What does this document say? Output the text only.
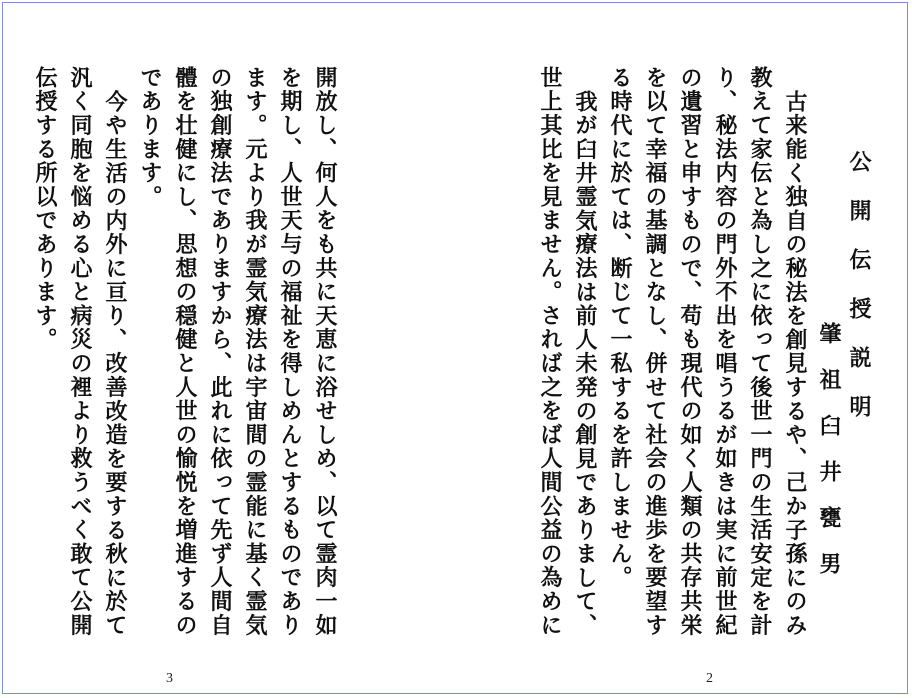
公開伝授説明
肇祖臼井甕男
古来能く独自の秘法を創見するや、己か子孫にのみ
教えて家伝と為し之に依って後世一門の生活安定を計
り、秘法内容の門外不出を唱うるが如きは実に前世紀
の遺習と申すもので、苟も現代の如く人類の共存共栄
を以て幸福の基調となし、併せて社会の進歩を要望す
る時代に於ては、断じて一私するを許しません。
我が臼井霊気療法は前人未発の創見でありまして、
世上其比を見ません。されば之をば人間公益の為めに
2
開放し、何人をも共に天恵に浴せしめ、以て霊肉一如
を期し、人世天与の福祉を得しめんとするものであり
ます。元より我が霊気療法は宇宙間の霊能に基く霊気
の独創療法でありますから、此れに依って先ず人間自
體を壮健にし、思想の穏健と人世の愉悦を増進するの
であります。
今や生活の内外に亘り、改善改造を要する秋に於て
汎く同胞を悩める心と病災の裡より救うべく敢て公開
伝授する所以であります。
3
